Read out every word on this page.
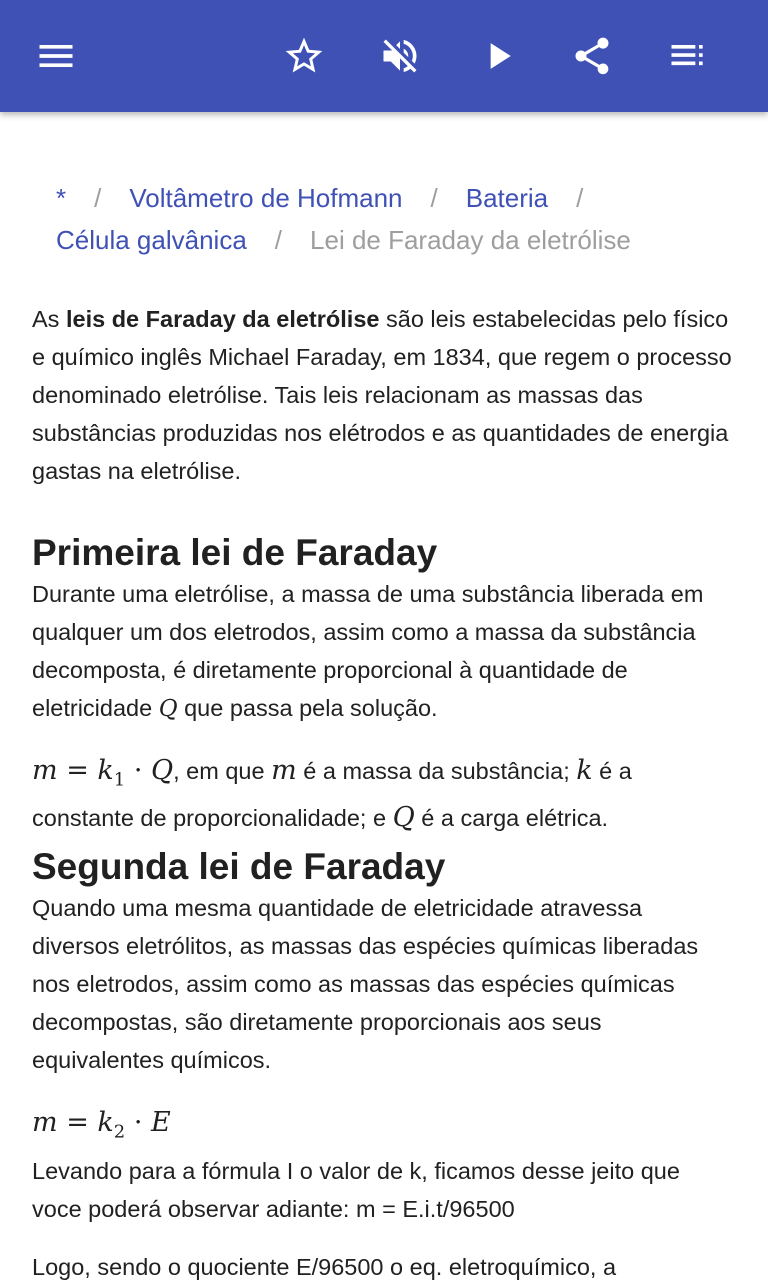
* / Voltâmetro de Hofmann / Bateria /
Célula galvânica / Lei de Faraday da eletrólise

As leis de Faraday da eletrólise são leis estabelecidas pelo físico e químico inglês Michael Faraday, em 1834, que regem o processo denominado eletrólise. Tais leis relacionam as massas das substâncias produzidas nos elétrodos e as quantidades de energia gastas na eletrólise.

Primeira lei de Faraday

Durante uma eletrólise, a massa de uma substância liberada em qualquer um dos eletrodos, assim como a massa da substância decomposta, é diretamente proporcional à quantidade de eletricidade Q que passa pela solução.

$m = k_1 \cdot Q$, em que m é a massa da substância; k é a constante de proporcionalidade; e Q é a carga elétrica.

Segunda lei de Faraday

Quando uma mesma quantidade de eletricidade atravessa diversos eletrólitos, as massas das espécies químicas liberadas nos eletrodos, assim como as massas das espécies químicas decompostas, são diretamente proporcionais aos seus equivalentes químicos.

$m = k_2 \cdot E$

Levando para a fórmula I o valor de k, ficamos desse jeito que voce poderá observar adiante: m = E.i.t/96500

Logo, sendo o quociente E/96500 o eq. eletroquímico, a
